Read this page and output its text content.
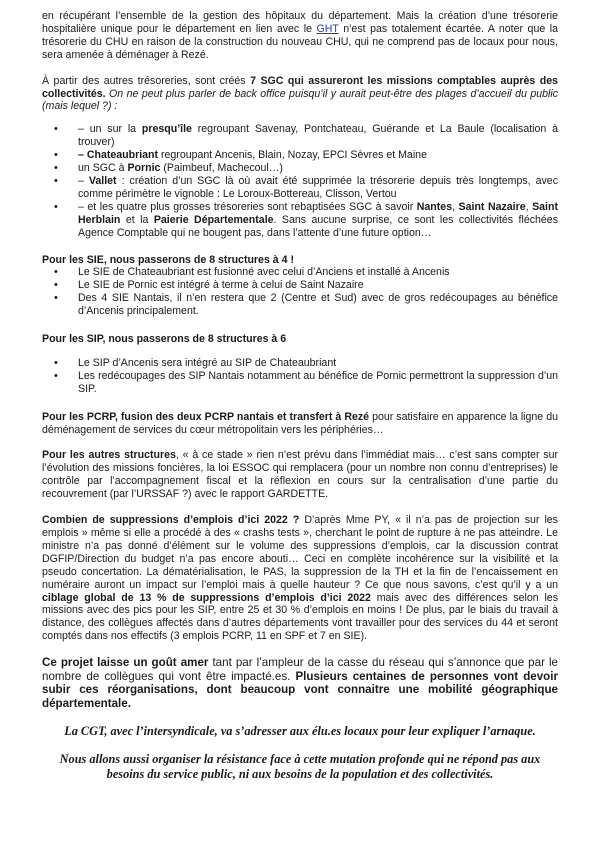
en récupérant l’ensemble de la gestion des hôpitaux du département. Mais la création d’une trésorerie hospitalière unique pour le département en lien avec le GHT n’est pas totalement écartée. A noter que la trésorerie du CHU en raison de la construction du nouveau CHU, qui ne comprend pas de locaux pour nous, sera amenée à déménager à Rezé.

À partir des autres trésoreries, sont créés 7 SGC qui assureront les missions comptables auprès des collectivités. On ne peut plus parler de back office puisqu’il y aurait peut-être des plages d’accueil du public (mais lequel ?) :

• – un sur la presqu’île regroupant Savenay, Pontchateau, Guérande et La Baule (localisation à trouver)
• – Chateaubriant regroupant Ancenis, Blain, Nozay, EPCI Sèvres et Maine
• un SGC à Pornic (Paimbeuf, Machecoul…)
• – Vallet : création d’un SGC là où avait été supprimée la trésorerie depuis très longtemps, avec comme périmètre le vignoble : Le Loroux-Bottereau, Clisson, Vertou
• – et les quatre plus grosses trésoreries sont rebaptisées SGC à savoir Nantes, Saint Nazaire, Saint Herblain et la Paierie Départementale. Sans aucune surprise, ce sont les collectivités fléchées Agence Comptable qui ne bougent pas, dans l’attente d’une future option…

Pour les SIE, nous passerons de 8 structures à 4 !

• Le SIE de Chateaubriant est fusionné avec celui d’Anciens et installé à Ancenis
• Le SIE de Pornic est intégré à terme à celui de Saint Nazaire
• Des 4 SIE Nantais, il n’en restera que 2 (Centre et Sud) avec de gros redécoupages au bénéfice d’Ancenis principalement.

Pour les SIP, nous passerons de 8 structures à 6

• Le SIP d’Ancenis sera intégré au SIP de Chateaubriant
• Les redécoupages des SIP Nantais notamment au bénéfice de Pornic permettront la suppression d’un SIP.

Pour les PCRP, fusion des deux PCRP nantais et transfert à Rezé pour satisfaire en apparence la ligne du déménagement de services du cœur métropolitain vers les périphéries…

Pour les autres structures, « à ce stade » rien n’est prévu dans l’immédiat mais… c’est sans compter sur l’évolution des missions foncières, la loi ESSOC qui remplacera (pour un nombre non connu d’entreprises) le contrôle par l’accompagnement fiscal et la réflexion en cours sur la centralisation d’une partie du recouvrement (par l’URSSAF ?) avec le rapport GARDETTE.

Combien de suppressions d’emplois d’ici 2022 ? D’après Mme PY, « il n’a pas de projection sur les emplois » même si elle a procédé à des « crashs tests », cherchant le point de rupture à ne pas atteindre. Le ministre n’a pas donné d’élément sur le volume des suppressions d’emplois, car la discussion contrat DGFIP/Direction du budget n’a pas encore abouti… Ceci en complète incohérence sur la visibilité et la pseudo concertation. La dématérialisation, le PAS, la suppression de la TH et la fin de l’encaissement en numéraire auront un impact sur l’emploi mais à quelle hauteur ? Ce que nous savons, c’est qu’il y a un ciblage global de 13 % de suppressions d’emplois d’ici 2022 mais avec des différences selon les missions avec des pics pour les SIP, entre 25 et 30 % d’emplois en moins ! De plus, par le biais du travail à distance, des collègues affectés dans d’autres départements vont travailler pour des services du 44 et seront comptés dans nos effectifs (3 emplois PCRP, 11 en SPF et 7 en SIE).

Ce projet laisse un goût amer tant par l’ampleur de la casse du réseau qui s’annonce que par le nombre de collègues qui vont être impacté.es. Plusieurs centaines de personnes vont devoir subir ces réorganisations, dont beaucoup vont connaitre une mobilité géographique départementale.

La CGT, avec l’intersyndicale, va s’adresser aux élu.es locaux pour leur expliquer l’arnaque.

Nous allons aussi organiser la résistance face à cette mutation profonde qui ne répond pas aux besoins du service public, ni aux besoins de la population et des collectivités.
